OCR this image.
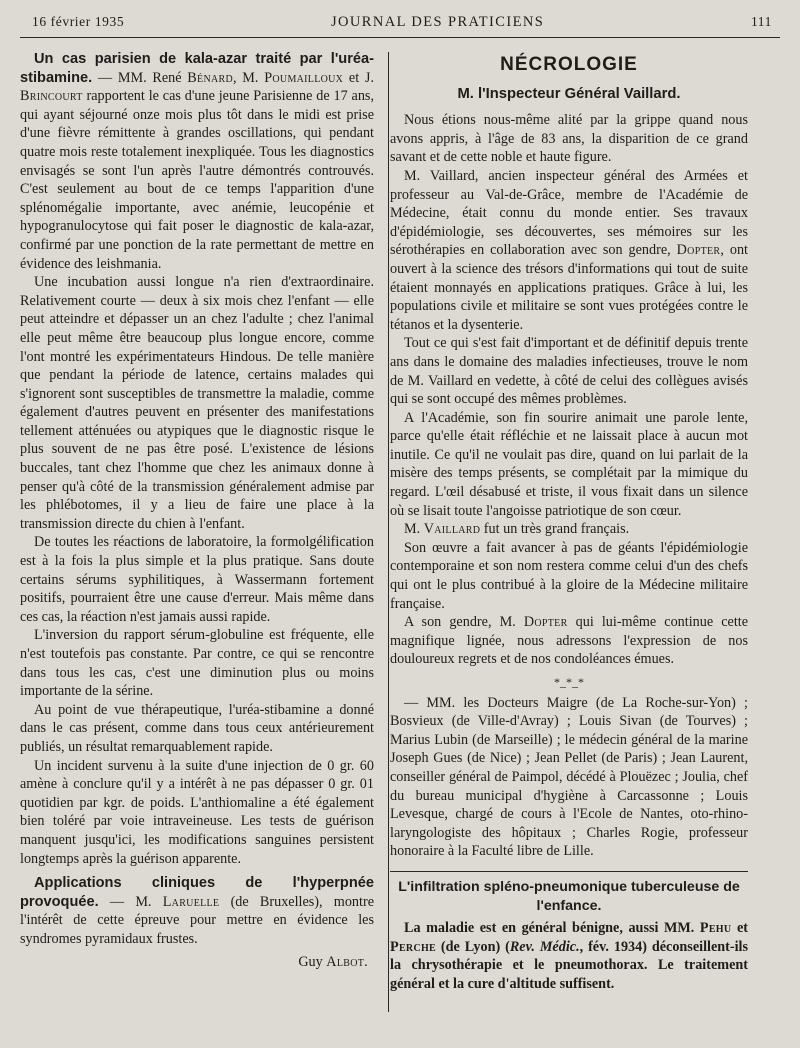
16 février 1935	JOURNAL DES PRATICIENS	111

Un cas parisien de kala-azar traité par l'uréa-stibamine. — MM. René Bénard, M. Poumailloux et J. Brincourt rapportent le cas d'une jeune Parisienne de 17 ans, qui ayant séjourné onze mois plus tôt dans le midi est prise d'une fièvre rémittente à grandes oscillations, qui pendant quatre mois reste totalement inexpliquée. Tous les diagnostics envisagés se sont l'un après l'autre démontrés controuvés. C'est seulement au bout de ce temps l'apparition d'une splénomégalie importante, avec anémie, leucopénie et hypogranulocytose qui fait poser le diagnostic de kala-azar, confirmé par une ponction de la rate permettant de mettre en évidence des leishmania.

Une incubation aussi longue n'a rien d'extraordinaire. Relativement courte — deux à six mois chez l'enfant — elle peut atteindre et dépasser un an chez l'adulte ; chez l'animal elle peut même être beaucoup plus longue encore, comme l'ont montré les expérimentateurs Hindous. De telle manière que pendant la période de latence, certains malades qui s'ignorent sont susceptibles de transmettre la maladie, comme également d'autres peuvent en présenter des manifestations tellement atténuées ou atypiques que le diagnostic risque le plus souvent de ne pas être posé. L'existence de lésions buccales, tant chez l'homme que chez les animaux donne à penser qu'à côté de la transmission généralement admise par les phlébotomes, il y a lieu de faire une place à la transmission directe du chien à l'enfant.

De toutes les réactions de laboratoire, la formolgélification est à la fois la plus simple et la plus pratique. Sans doute certains sérums syphilitiques, à Wassermann fortement positifs, pourraient être une cause d'erreur. Mais même dans ces cas, la réaction n'est jamais aussi rapide.

L'inversion du rapport sérum-globuline est fréquente, elle n'est toutefois pas constante. Par contre, ce qui se rencontre dans tous les cas, c'est une diminution plus ou moins importante de la sérine.

Au point de vue thérapeutique, l'uréa-stibamine a donné dans le cas présent, comme dans tous ceux antérieurement publiés, un résultat remarquablement rapide.

Un incident survenu à la suite d'une injection de 0 gr. 60 amène à conclure qu'il y a intérêt à ne pas dépasser 0 gr. 01 quotidien par kgr. de poids. L'anthiomaline a été également bien toléré par voie intraveineuse. Les tests de guérison manquent jusqu'ici, les modifications sanguines persistent longtemps après la guérison apparente.

Applications cliniques de l'hyperpnée provoquée. — M. Laruelle (de Bruxelles), montre l'intérêt de cette épreuve pour mettre en évidence les syndromes pyramidaux frustes.

Guy Albot.
NÉCROLOGIE
M. l'Inspecteur Général Vaillard.

Nous étions nous-même alité par la grippe quand nous avons appris, à l'âge de 83 ans, la disparition de ce grand savant et de cette noble et haute figure.

M. Vaillard, ancien inspecteur général des Armées et professeur au Val-de-Grâce, membre de l'Académie de Médecine, était connu du monde entier. Ses travaux d'épidémiologie, ses découvertes, ses mémoires sur les sérothérapies en collaboration avec son gendre, Dopter, ont ouvert à la science des trésors d'informations qui tout de suite étaient monnayés en applications pratiques. Grâce à lui, les populations civile et militaire se sont vues protégées contre le tétanos et la dysenterie.

Tout ce qui s'est fait d'important et de définitif depuis trente ans dans le domaine des maladies infectieuses, trouve le nom de M. Vaillard en vedette, à côté de celui des collègues avisés qui se sont occupé des mêmes problèmes.

A l'Académie, son fin sourire animait une parole lente, parce qu'elle était réfléchie et ne laissait place à aucun mot inutile. Ce qu'il ne voulait pas dire, quand on lui parlait de la misère des temps présents, se complétait par la mimique du regard. L'œil désabusé et triste, il vous fixait dans un silence où se lisait toute l'angoisse patriotique de son cœur.

M. Vaillard fut un très grand français.

Son œuvre a fait avancer à pas de géants l'épidémiologie contemporaine et son nom restera comme celui d'un des chefs qui ont le plus contribué à la gloire de la Médecine militaire française.

A son gendre, M. Dopter qui lui-même continue cette magnifique lignée, nous adressons l'expression de nos douloureux regrets et de nos condoléances émues.

*_*_*

— MM. les Docteurs Maigre (de La Roche-sur-Yon) ; Bosvieux (de Ville-d'Avray) ; Louis Sivan (de Tourves) ; Marius Lubin (de Marseille) ; le médecin général de la marine Joseph Gues (de Nice) ; Jean Pellet (de Paris) ; Jean Laurent, conseiller général de Paimpol, décédé à Plouëzec ; Joulia, chef du bureau municipal d'hygiène à Carcassonne ; Louis Levesque, chargé de cours à l'Ecole de Nantes, oto-rhino-laryngologiste des hôpitaux ; Charles Rogie, professeur honoraire à la Faculté libre de Lille.

L'infiltration spléno-pneumonique tuberculeuse de l'enfance.

La maladie est en général bénigne, aussi MM. Pehu et Perche (de Lyon) (Rev. Médic., fév. 1934) déconseillent-ils la chrysothérapie et le pneumothorax. Le traitement général et la cure d'altitude suffisent.
